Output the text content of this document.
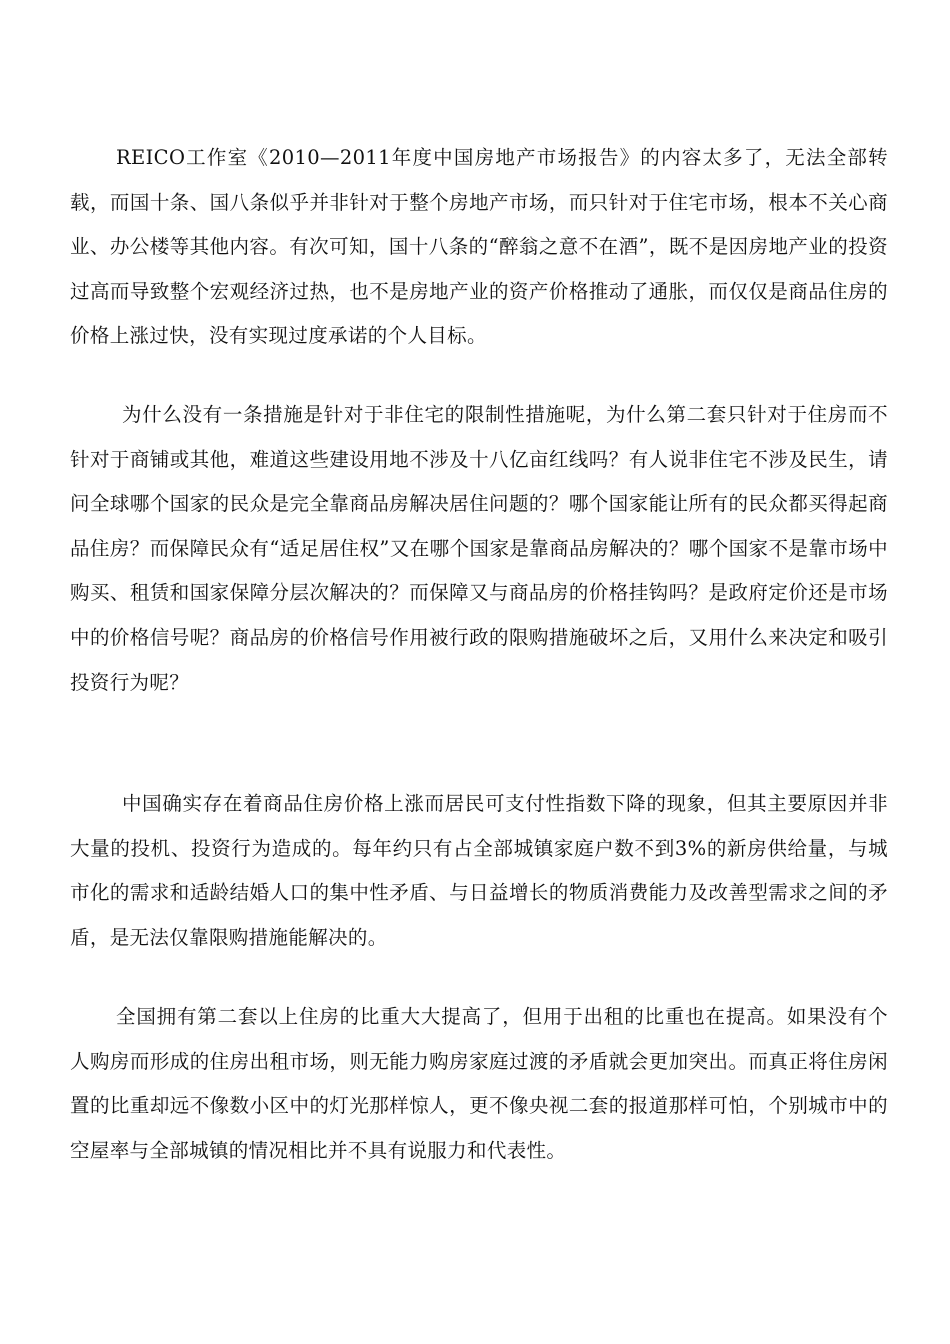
REICO工作室《2010—2011年度中国房地产市场报告》的内容太多了，无法全部转载，而国十条、国八条似乎并非针对于整个房地产市场，而只针对于住宅市场，根本不关心商业、办公楼等其他内容。有次可知，国十八条的“醉翁之意不在酒”，既不是因房地产业的投资过高而导致整个宏观经济过热，也不是房地产业的资产价格推动了通胀，而仅仅是商品住房的价格上涨过快，没有实现过度承诺的个人目标。

为什么没有一条措施是针对于非住宅的限制性措施呢，为什么第二套只针对于住房而不针对于商铺或其他，难道这些建设用地不涉及十八亿亩红线吗？有人说非住宅不涉及民生，请问全球哪个国家的民众是完全靠商品房解决居住问题的？哪个国家能让所有的民众都买得起商品住房？而保障民众有“适足居住权”又在哪个国家是靠商品房解决的？哪个国家不是靠市场中购买、租赁和国家保障分层次解决的？而保障又与商品房的价格挂钩吗？是政府定价还是市场中的价格信号呢？商品房的价格信号作用被行政的限购措施破坏之后，又用什么来决定和吸引投资行为呢？

中国确实存在着商品住房价格上涨而居民可支付性指数下降的现象，但其主要原因并非大量的投机、投资行为造成的。每年约只有占全部城镇家庭户数不到3%的新房供给量，与城市化的需求和适龄结婚人口的集中性矛盾、与日益增长的物质消费能力及改善型需求之间的矛盾，是无法仅靠限购措施能解决的。

全国拥有第二套以上住房的比重大大提高了，但用于出租的比重也在提高。如果没有个人购房而形成的住房出租市场，则无能力购房家庭过渡的矛盾就会更加突出。而真正将住房闲置的比重却远不像数小区中的灯光那样惊人，更不像央视二套的报道那样可怕，个别城市中的空屋率与全部城镇的情况相比并不具有说服力和代表性。
